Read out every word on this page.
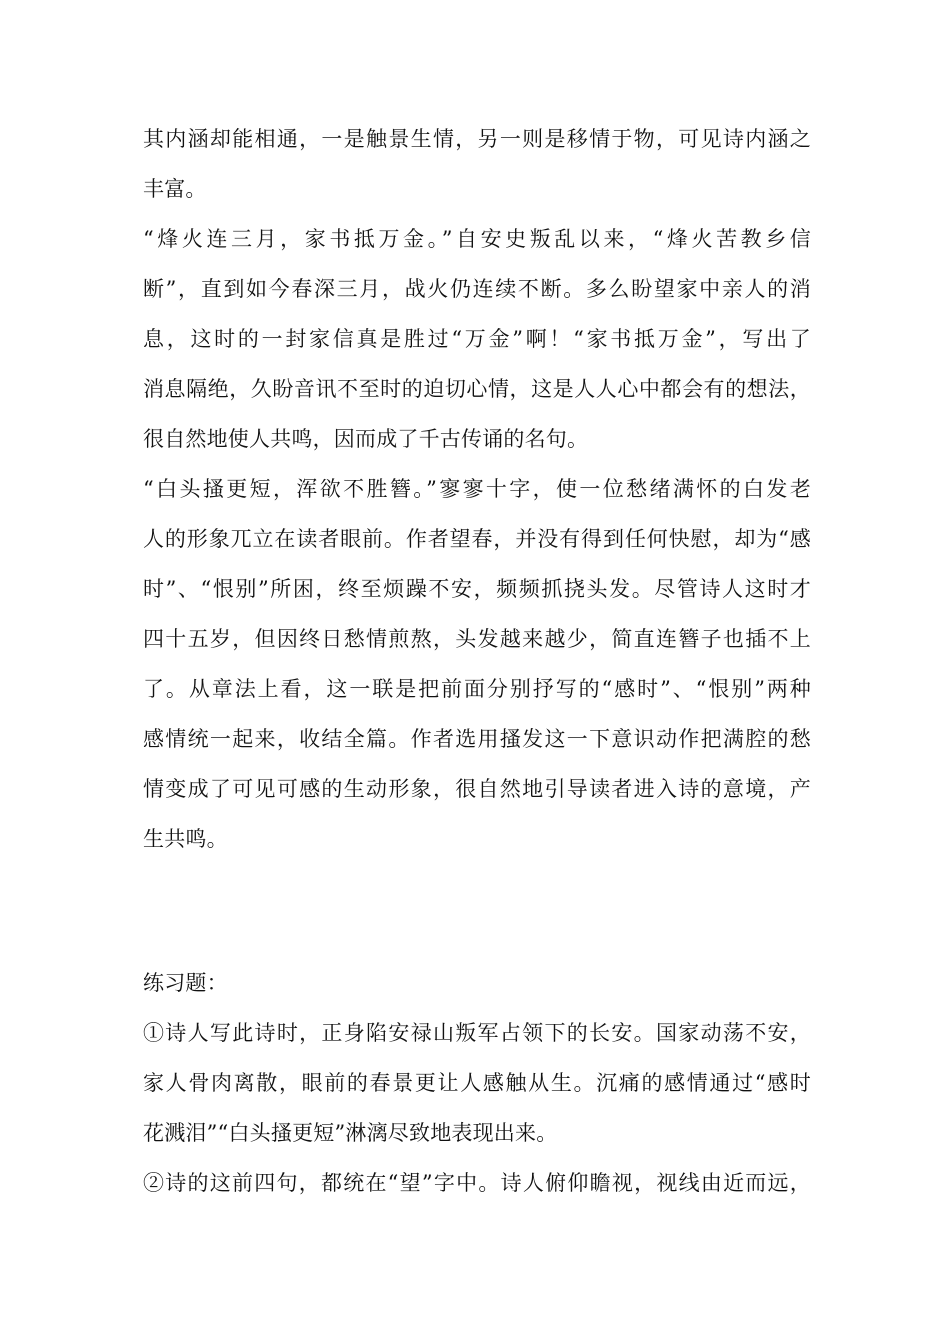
其内涵却能相通，一是触景生情，另一则是移情于物，可见诗内涵之
丰富。
“烽火连三月，家书抵万金。”自安史叛乱以来，“烽火苦教乡信
断”，直到如今春深三月，战火仍连续不断。多么盼望家中亲人的消
息，这时的一封家信真是胜过“万金”啊！“家书抵万金”，写出了
消息隔绝，久盼音讯不至时的迫切心情，这是人人心中都会有的想法，
很自然地使人共鸣，因而成了千古传诵的名句。
“白头搔更短，浑欲不胜簪。”寥寥十字，使一位愁绪满怀的白发老
人的形象兀立在读者眼前。作者望春，并没有得到任何快慰，却为“感
时”、“恨别”所困，终至烦躁不安，频频抓挠头发。尽管诗人这时才
四十五岁，但因终日愁情煎熬，头发越来越少，简直连簪子也插不上
了。从章法上看，这一联是把前面分别抒写的“感时”、“恨别”两种
感情统一起来，收结全篇。作者选用搔发这一下意识动作把满腔的愁
情变成了可见可感的生动形象，很自然地引导读者进入诗的意境，产
生共鸣。
练习题：
①诗人写此诗时，正身陷安禄山叛军占领下的长安。国家动荡不安，
家人骨肉离散，眼前的春景更让人感触从生。沉痛的感情通过“感时
花溅泪”“白头搔更短”淋漓尽致地表现出来。
②诗的这前四句，都统在“望”字中。诗人俯仰瞻视，视线由近而远，
